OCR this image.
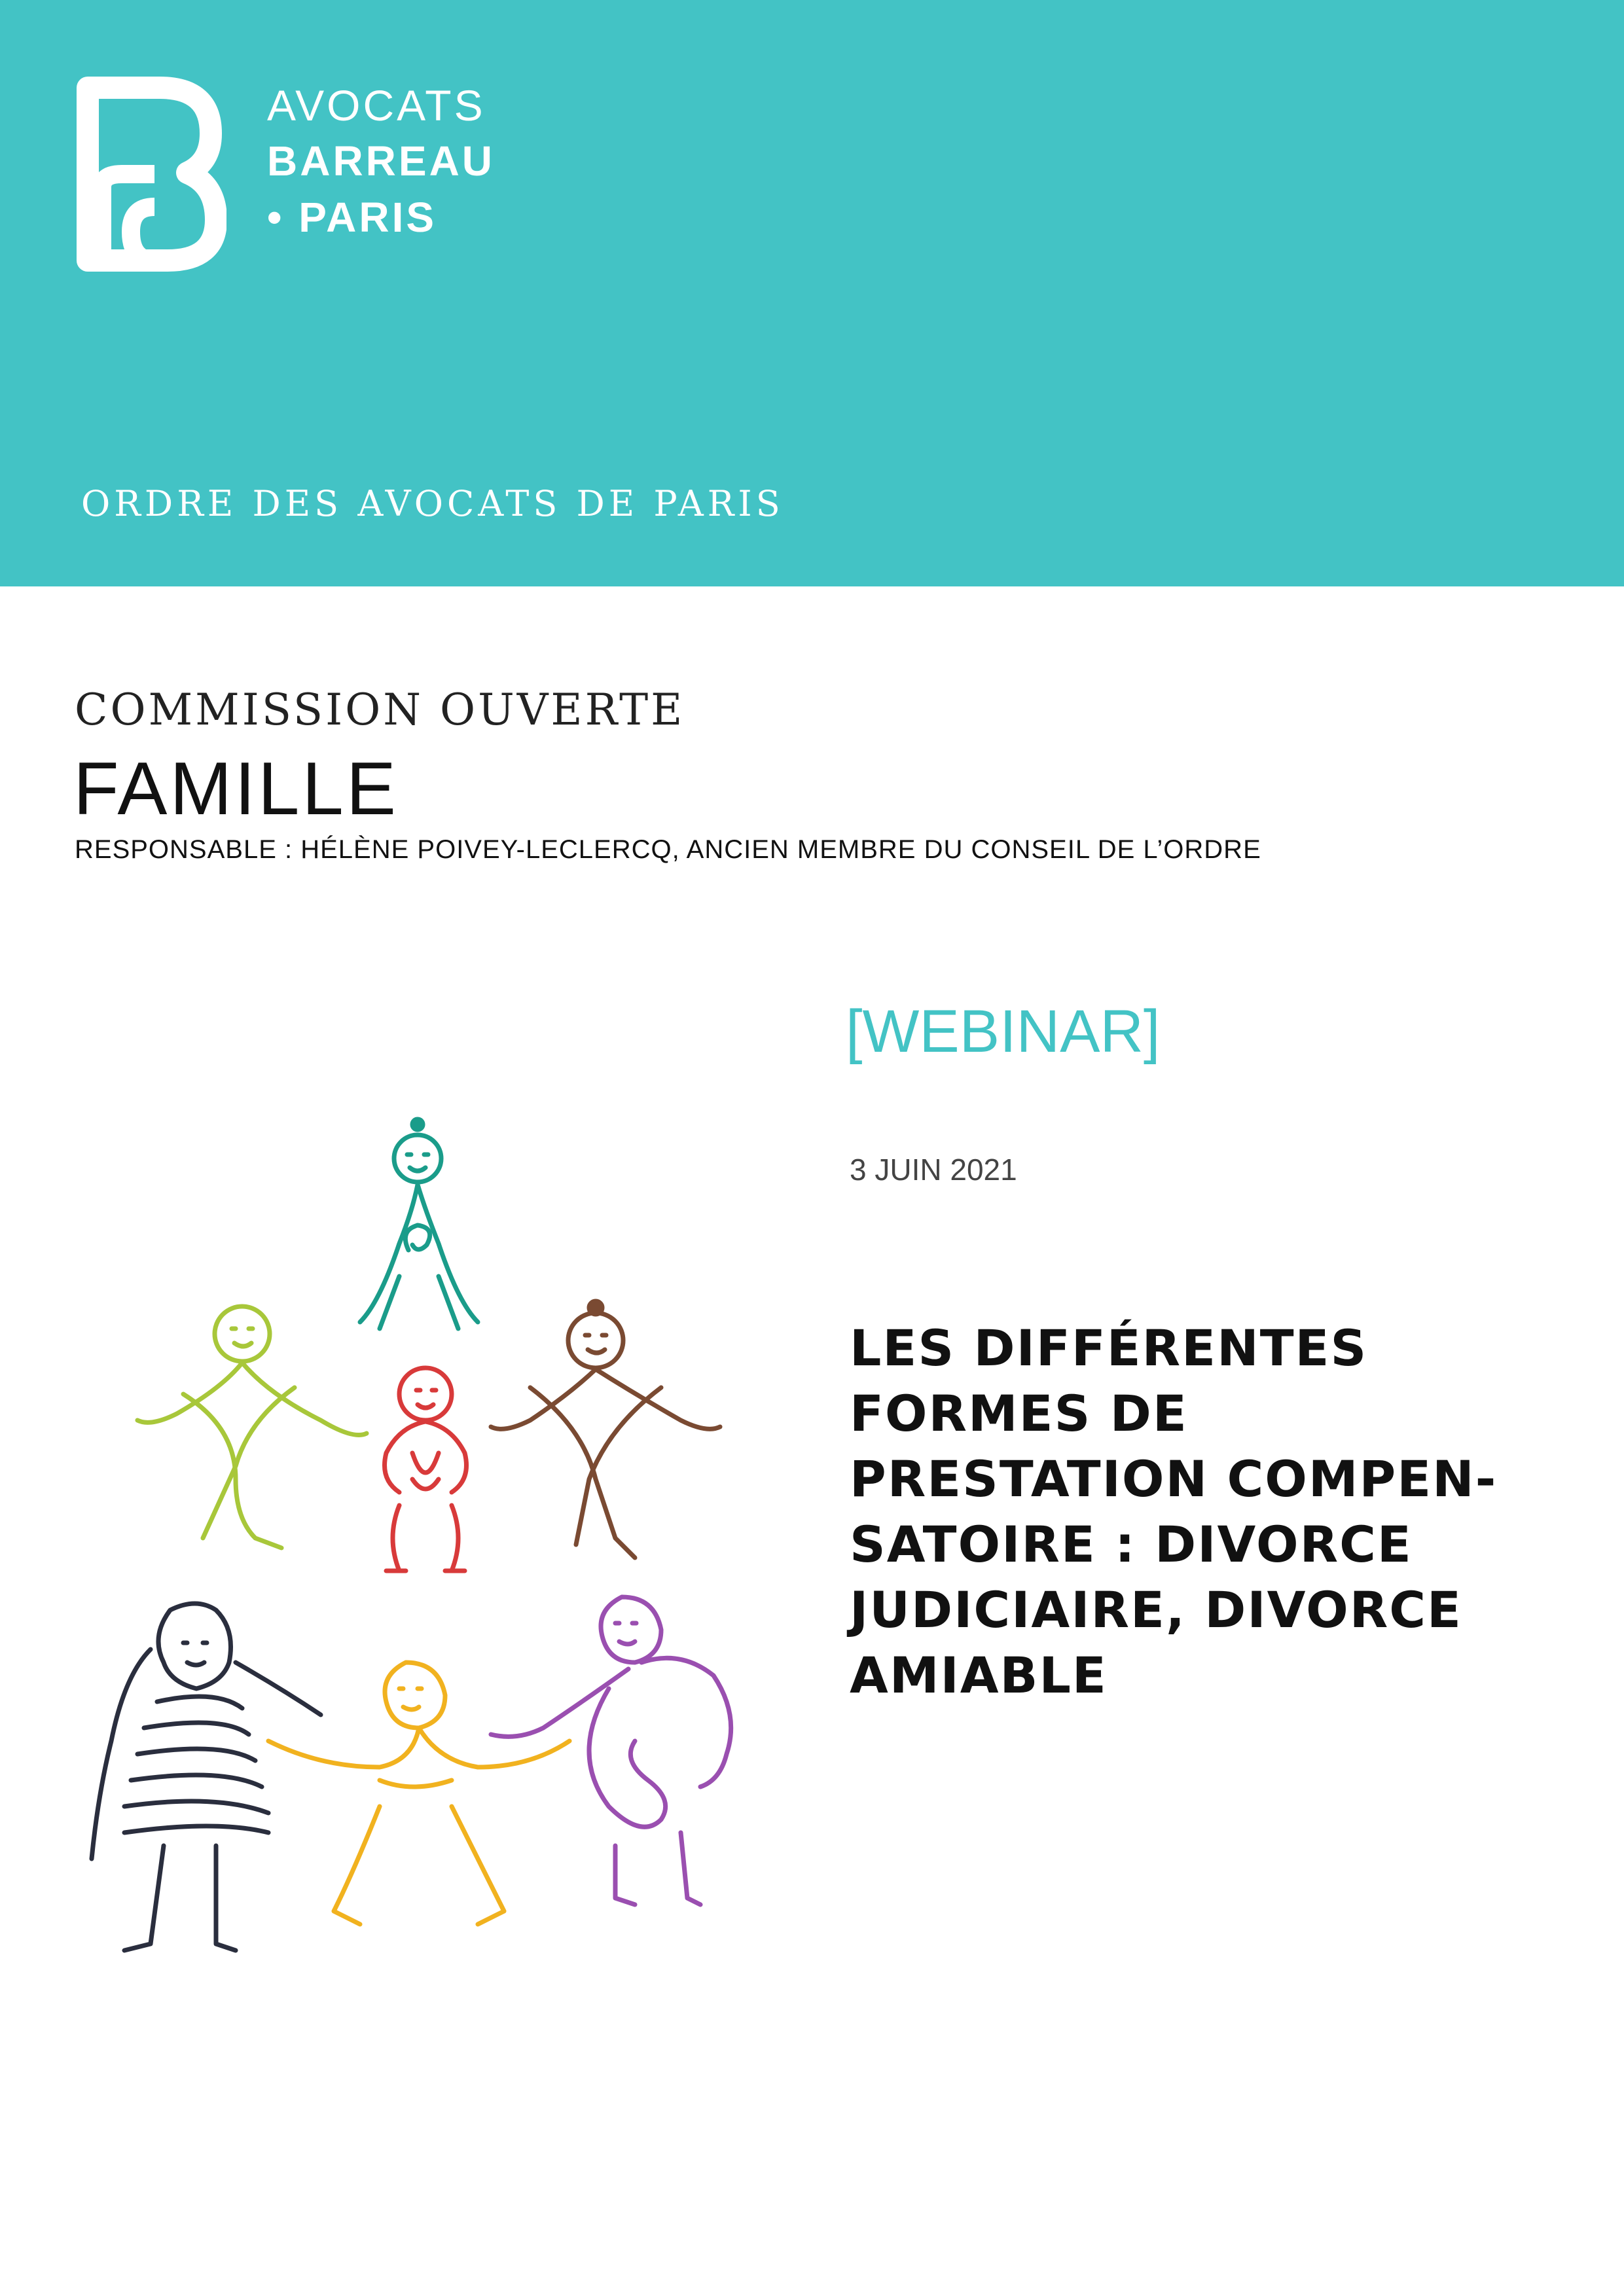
AVOCATS
BARREAU
• PARIS
ORDRE DES AVOCATS DE PARIS
COMMISSION OUVERTE
FAMILLE
RESPONSABLE : HÉLÈNE POIVEY-LECLERCQ, ANCIEN MEMBRE DU CONSEIL DE L’ORDRE
[WEBINAR]
3 JUIN 2021
LES DIFFÉRENTES
FORMES DE
PRESTATION COMPEN-
SATOIRE : DIVORCE
JUDICIAIRE, DIVORCE
AMIABLE
